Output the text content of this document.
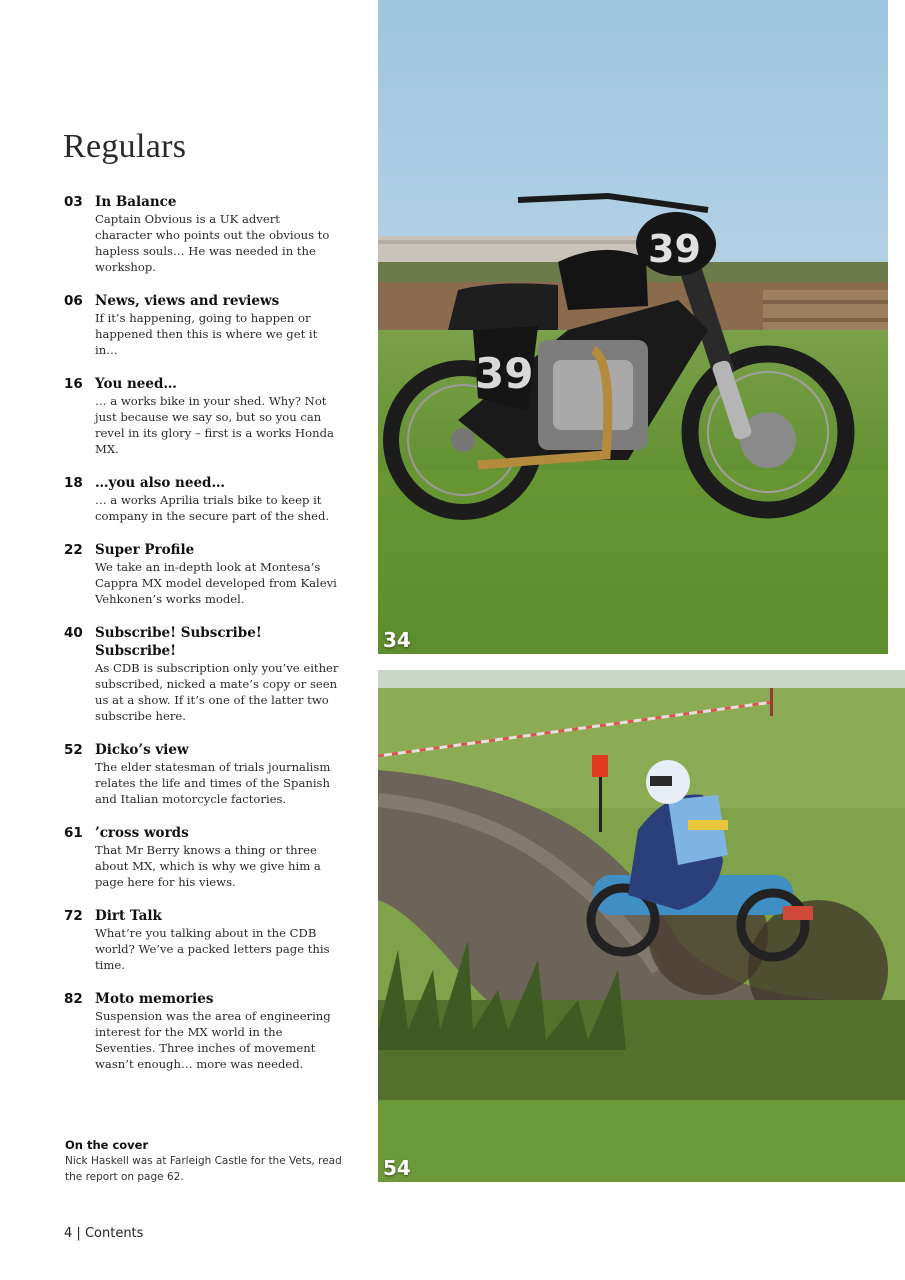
Regulars
03 In Balance
Captain Obvious is a UK advert character who points out the obvious to hapless souls… He was needed in the workshop.
06 News, views and reviews
If it’s happening, going to happen or happened then this is where we get it in…
16 You need…
… a works bike in your shed. Why? Not just because we say so, but so you can revel in its glory – first is a works Honda MX.
18 …you also need…
… a works Aprilia trials bike to keep it company in the secure part of the shed.
22 Super Profile
We take an in-depth look at Montesa’s Cappra MX model developed from Kalevi Vehkonen’s works model.
40 Subscribe! Subscribe! Subscribe!
As CDB is subscription only you’ve either subscribed, nicked a mate’s copy or seen us at a show. If it’s one of the latter two subscribe here.
52 Dicko’s view
The elder statesman of trials journalism relates the life and times of the Spanish and Italian motorcycle factories.
61 ’cross words
That Mr Berry knows a thing or three about MX, which is why we give him a page here for his views.
72 Dirt Talk
What’re you talking about in the CDB world? We’ve a packed letters page this time.
82 Moto memories
Suspension was the area of engineering interest for the MX world in the Seventies. Three inches of movement wasn’t enough… more was needed.
On the cover
Nick Haskell was at Farleigh Castle for the Vets, read the report on page 62.
4 | Contents
39
39
34
54
